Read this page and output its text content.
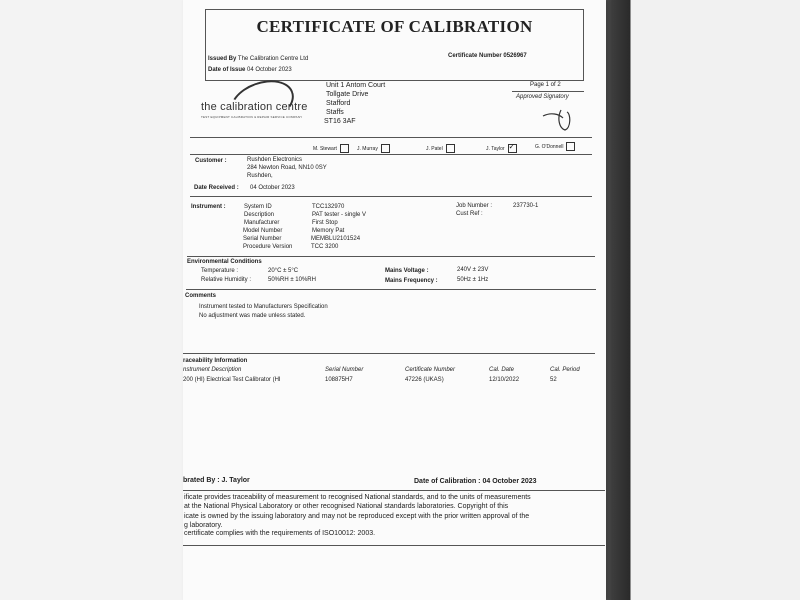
CERTIFICATE OF CALIBRATION
Issued By The Calibration Centre Ltd
Date of Issue 04 October 2023
Certificate Number 0526967
the calibration centre
TEST EQUIPMENT CALIBRATION & REPAIR SERVICE COMPANY
Unit 1 Antom Court
Tollgate Drive
Stafford
Staffs
ST16 3AF
Page 1 of 2
Approved Signatory
M. Stewart	J. Murray	J. Patel	J. Taylor✓	G. O'Donnell
Customer :	Rushden Electronics
284 Newton Road, NN10 0SY
Rushden,
Date Received : 04 October 2023
Instrument :	System ID	TCC132970
Description	PAT tester - single V
Manufacturer	First Stop
Model Number	Memory Pat
Serial Number	MEMBLU2101524
Procedure Version	TCC 3200
Job Number :	237730-1
Cust Ref :
Environmental Conditions
Temperature :	20°C ± 5°C
Relative Humidity :	50%RH ± 10%RH
Mains Voltage :	240V ± 23V
Mains Frequency :	50Hz ± 1Hz
Comments
Instrument tested to Manufacturers Specification
No adjustment was made unless stated.
raceability Information
nstrument Description	Serial Number	Certificate Number	Cal. Date	Cal. Period
200 (HI) Electrical Test Calibrator (HI	108875H7	47226 (UKAS)	12/10/2022	52
brated By : J. Taylor	Date of Calibration : 04 October 2023
ificate provides traceability of measurement to recognised National standards, and to the units of measurements
at the National Physical Laboratory or other recognised National standards laboratories. Copyright of this
icate is owned by the issuing laboratory and may not be reproduced except with the prior written approval of the
g laboratory.
certificate complies with the requirements of ISO10012: 2003.
